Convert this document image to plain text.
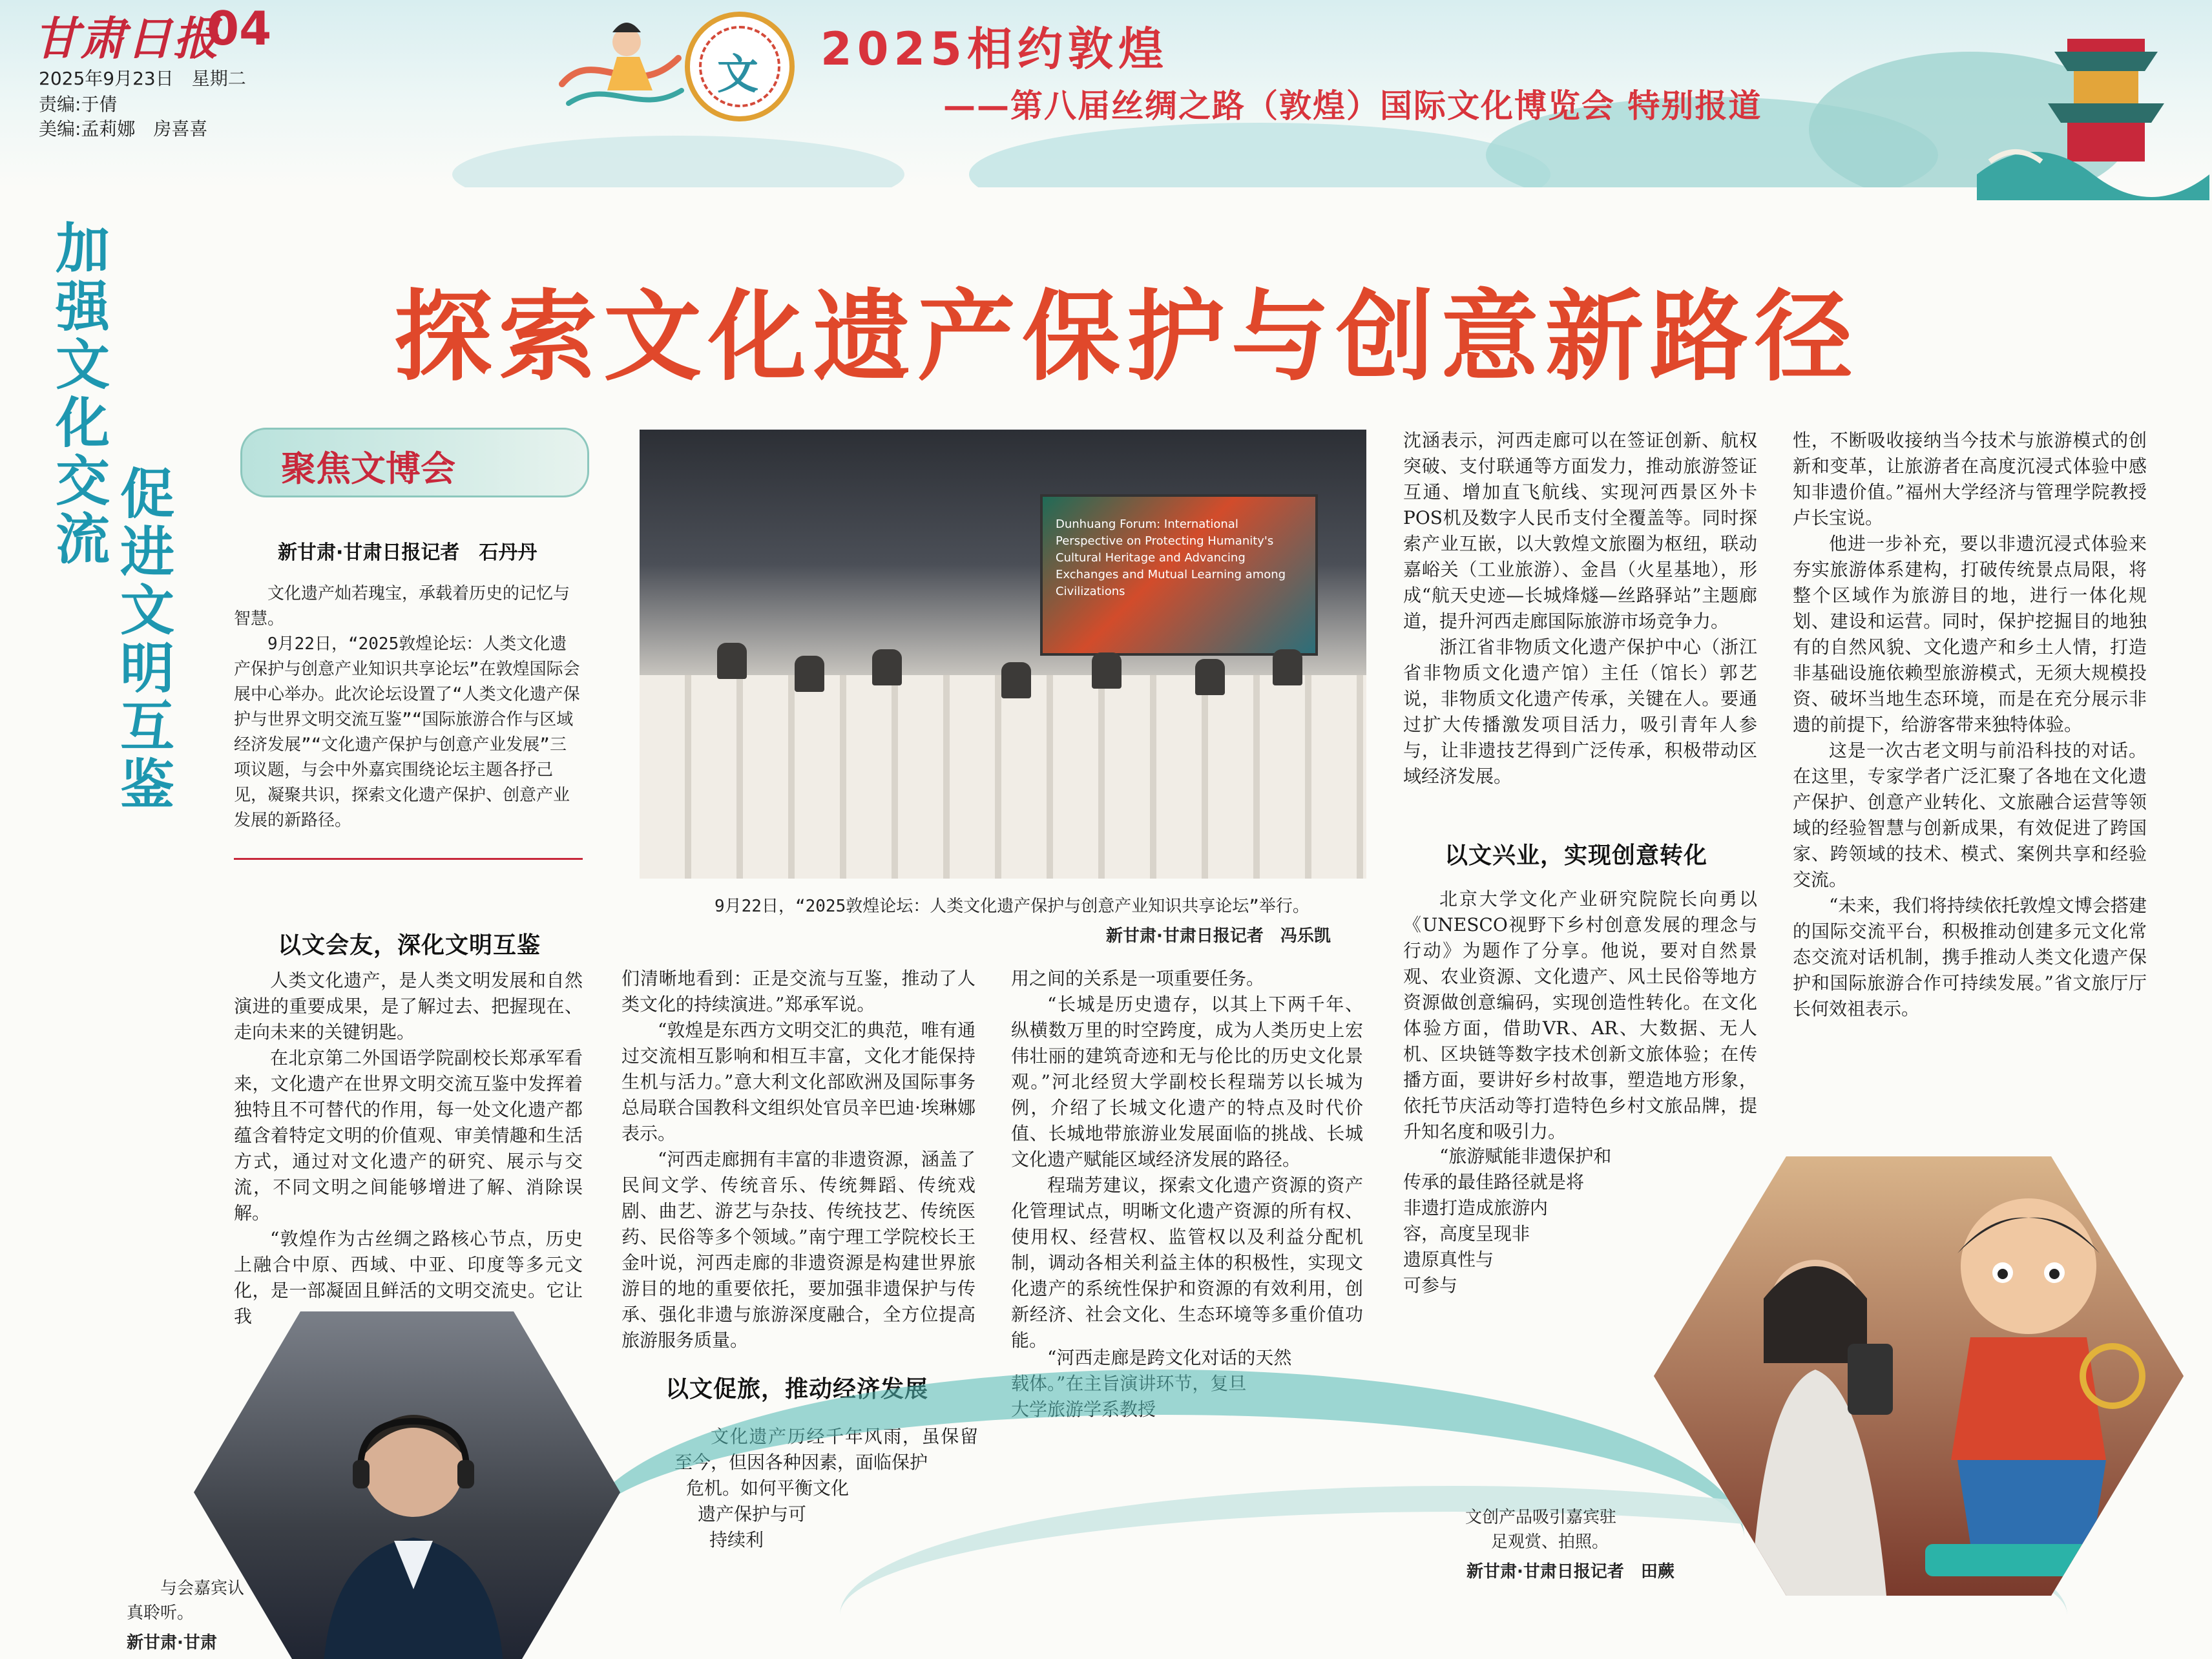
甘肃日报
04
2025年9月23日　 星期二
责编:于倩
美编:孟莉娜　房喜喜
文 2025相约敦煌
——第八届丝绸之路（敦煌）国际文化博览会 特别报道
加
强
文
化
交
流
促
进
文
明
互
鉴
探索文化遗产保护与创意新路径
聚焦文博会
新甘肃·甘肃日报记者　石丹丹

文化遗产灿若瑰宝，承载着历史的记忆与智慧。

9月22日，“2025敦煌论坛：人类文化遗产保护与创意产业知识共享论坛”在敦煌国际会展中心举办。此次论坛设置了“人类文化遗产保护与世界文明交流互鉴”“国际旅游合作与区域经济发展”“文化遗产保护与创意产业发展”三项议题，与会中外嘉宾围绕论坛主题各抒己见，凝聚共识，探索文化遗产保护、创意产业发展的新路径。

Dunhuang Forum: International Perspective on Protecting Humanity's Cultural Heritage and Advancing Exchanges and Mutual Learning among Civilizations
9月22日，“2025敦煌论坛：人类文化遗产保护与创意产业知识共享论坛”举行。
新甘肃·甘肃日报记者　冯乐凯
以文会友，深化文明互鉴

人类文化遗产，是人类文明发展和自然演进的重要成果，是了解过去、把握现在、走向未来的关键钥匙。

在北京第二外国语学院副校长郑承军看来，文化遗产在世界文明交流互鉴中发挥着独特且不可替代的作用，每一处文化遗产都蕴含着特定文明的价值观、审美情趣和生活方式，通过对文化遗产的研究、展示与交流，不同文明之间能够增进了解、消除误解。

“敦煌作为古丝绸之路核心节点，历史上融合中原、西域、中亚、印度等多元文化，是一部凝固且鲜活的文明交流史。它让我

们清晰地看到：正是交流与互鉴，推动了人类文化的持续演进。”郑承军说。

“敦煌是东西方文明交汇的典范，唯有通过交流相互影响和相互丰富，文化才能保持生机与活力。”意大利文化部欧洲及国际事务总局联合国教科文组织处官员辛巴迪·埃琳娜表示。

“河西走廊拥有丰富的非遗资源，涵盖了民间文学、传统音乐、传统舞蹈、传统戏剧、曲艺、游艺与杂技、传统技艺、传统医药、民俗等多个领域。”南宁理工学院校长王金叶说，河西走廊的非遗资源是构建世界旅游目的地的重要依托，要加强非遗保护与传承、强化非遗与旅游深度融合，全方位提高旅游服务质量。

以文促旅，推动经济发展

文化遗产历经千年风雨，虽保留至今，但因各种因素，面临保护

危机。如何平衡文化
遗产保护与可
持续利

用之间的关系是一项重要任务。

“长城是历史遗存，以其上下两千年、纵横数万里的时空跨度，成为人类历史上宏伟壮丽的建筑奇迹和无与伦比的历史文化景观。”河北经贸大学副校长程瑞芳以长城为例，介绍了长城文化遗产的特点及时代价值、长城地带旅游业发展面临的挑战、长城文化遗产赋能区域经济发展的路径。

程瑞芳建议，探索文化遗产资源的资产化管理试点，明晰文化遗产资源的所有权、使用权、经营权、监管权以及利益分配机制，调动各相关利益主体的积极性，实现文化遗产的系统性保护和资源的有效利用，创新经济、社会文化、生态环境等多重价值功能。

“河西走廊是跨文化对话的天然

载体。”在主旨演讲环节，复旦
大学旅游学系教授

沈涵表示，河西走廊可以在签证创新、航权突破、支付联通等方面发力，推动旅游签证互通、增加直飞航线、实现河西景区外卡POS机及数字人民币支付全覆盖等。同时探索产业互嵌，以大敦煌文旅圈为枢纽，联动嘉峪关（工业旅游）、金昌（火星基地），形成“航天史迹—长城烽燧—丝路驿站”主题廊道，提升河西走廊国际旅游市场竞争力。

浙江省非物质文化遗产保护中心（浙江省非物质文化遗产馆）主任（馆长）郭艺说，非物质文化遗产传承，关键在人。要通过扩大传播激发项目活力，吸引青年人参与，让非遗技艺得到广泛传承，积极带动区域经济发展。

以文兴业，实现创意转化

北京大学文化产业研究院院长向勇以《UNESCO视野下乡村创意发展的理念与行动》为题作了分享。他说，要对自然景观、农业资源、文化遗产、风土民俗等地方资源做创意编码，实现创造性转化。在文化体验方面，借助VR、AR、大数据、无人机、区块链等数字技术创新文旅体验；在传播方面，要讲好乡村故事，塑造地方形象，依托节庆活动等打造特色乡村文旅品牌，提升知名度和吸引力。

“旅游赋能非遗保护和

传承的最佳路径就是将
非遗打造成旅游内
容，高度呈现非
遗原真性与
可参与

性，不断吸收接纳当今技术与旅游模式的创新和变革，让旅游者在高度沉浸式体验中感知非遗价值。”福州大学经济与管理学院教授卢长宝说。

他进一步补充，要以非遗沉浸式体验来夯实旅游体系建构，打破传统景点局限，将整个区域作为旅游目的地，进行一体化规划、建设和运营。同时，保护挖掘目的地独有的自然风貌、文化遗产和乡土人情，打造非基础设施依赖型旅游模式，无须大规模投资、破坏当地生态环境，而是在充分展示非遗的前提下，给游客带来独特体验。

这是一次古老文明与前沿科技的对话。在这里，专家学者广泛汇聚了各地在文化遗产保护、创意产业转化、文旅融合运营等领域的经验智慧与创新成果，有效促进了跨国家、跨领域的技术、模式、案例共享和经验交流。

“未来，我们将持续依托敦煌文博会搭建的国际交流平台，积极推动创建多元文化常态交流对话机制，携手推动人类文化遗产保护和国际旅游合作可持续发展。”省文旅厅厅长何效祖表示。

与会嘉宾认
真聆听。
新甘肃·甘肃
文创产品吸引嘉宾驻
足观赏、拍照。
新甘肃·甘肃日报记者　田蕨
